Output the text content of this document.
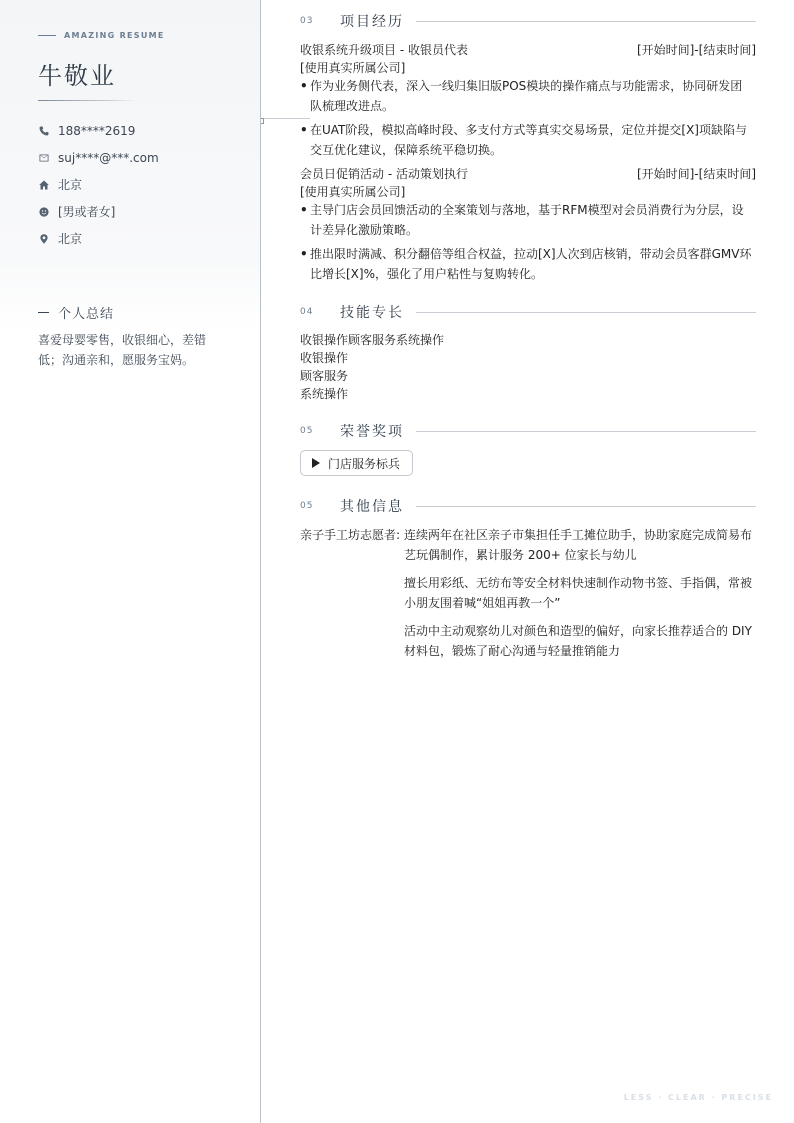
AMAZING RESUME
牛敬业
188****2619
suj****@***.com
北京
[男或者女]
北京
个人总结
喜爱母婴零售，收银细心，差错低；沟通亲和，愿服务宝妈。
03	项目经历
收银系统升级项目 - 收银员代表	[开始时间]-[结束时间]
[使用真实所属公司]
• 作为业务侧代表，深入一线归集旧版POS模块的操作痛点与功能需求，协同研发团队梳理改进点。
• 在UAT阶段，模拟高峰时段、多支付方式等真实交易场景，定位并提交[X]项缺陷与交互优化建议，保障系统平稳切换。
会员日促销活动 - 活动策划执行	[开始时间]-[结束时间]
[使用真实所属公司]
• 主导门店会员回馈活动的全案策划与落地，基于RFM模型对会员消费行为分层，设计差异化激励策略。
• 推出限时满减、积分翻倍等组合权益，拉动[X]人次到店核销，带动会员客群GMV环比增长[X]%，强化了用户粘性与复购转化。
04	技能专长
收银操作顾客服务系统操作
收银操作
顾客服务
系统操作
05	荣誉奖项
门店服务标兵
05	其他信息
亲子手工坊志愿者: 连续两年在社区亲子市集担任手工摊位助手，协助家庭完成简易布艺玩偶制作，累计服务 200+ 位家长与幼儿

擅长用彩纸、无纺布等安全材料快速制作动物书签、手指偶，常被小朋友围着喊“姐姐再教一个”

活动中主动观察幼儿对颜色和造型的偏好，向家长推荐适合的 DIY 材料包，锻炼了耐心沟通与轻量推销能力

LESS · CLEAR · PRECISE
